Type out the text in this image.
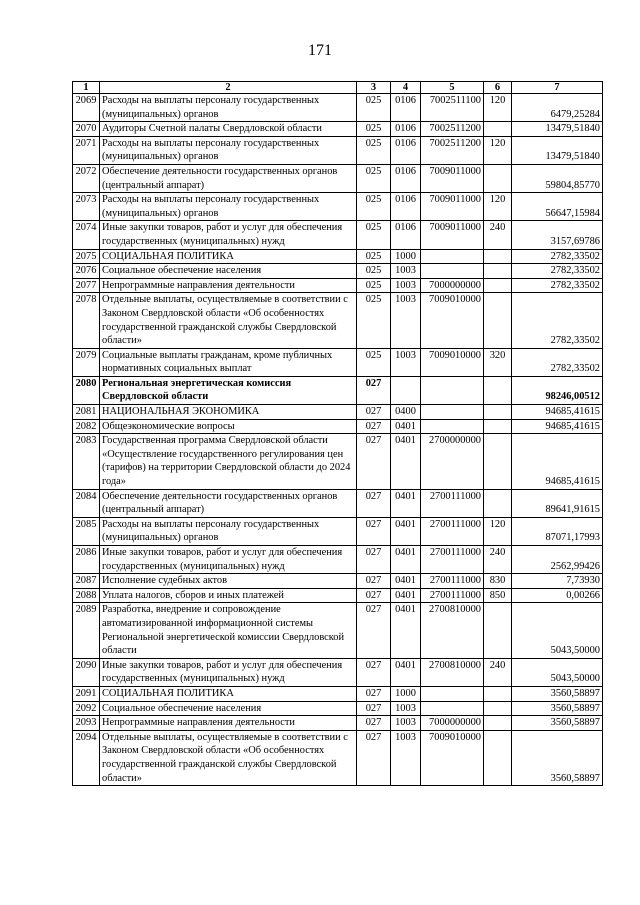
171
1	2	3	4	5	6	7
2069	Расходы на выплаты персоналу государственных (муниципальных) органов	025	0106	7002511100	120	6479,25284
2070	Аудиторы Счетной палаты Свердловской области	025	0106	7002511200		13479,51840
2071	Расходы на выплаты персоналу государственных (муниципальных) органов	025	0106	7002511200	120	13479,51840
2072	Обеспечение деятельности государственных органов (центральный аппарат)	025	0106	7009011000		59804,85770
2073	Расходы на выплаты персоналу государственных (муниципальных) органов	025	0106	7009011000	120	56647,15984
2074	Иные закупки товаров, работ и услуг для обеспечения государственных (муниципальных) нужд	025	0106	7009011000	240	3157,69786
2075	СОЦИАЛЬНАЯ ПОЛИТИКА	025	1000			2782,33502
2076	Социальное обеспечение населения	025	1003			2782,33502
2077	Непрограммные направления деятельности	025	1003	7000000000		2782,33502
2078	Отдельные выплаты, осуществляемые в соответствии с Законом Свердловской области «Об особенностях государственной гражданской службы Свердловской области»	025	1003	7009010000		2782,33502
2079	Социальные выплаты гражданам, кроме публичных нормативных социальных выплат	025	1003	7009010000	320	2782,33502
2080	Региональная энергетическая комиссия Свердловской области	027				98246,00512
2081	НАЦИОНАЛЬНАЯ ЭКОНОМИКА	027	0400			94685,41615
2082	Общеэкономические вопросы	027	0401			94685,41615
2083	Государственная программа Свердловской области «Осуществление государственного регулирования цен (тарифов) на территории Свердловской области до 2024 года»	027	0401	2700000000		94685,41615
2084	Обеспечение деятельности государственных органов (центральный аппарат)	027	0401	2700111000		89641,91615
2085	Расходы на выплаты персоналу государственных (муниципальных) органов	027	0401	2700111000	120	87071,17993
2086	Иные закупки товаров, работ и услуг для обеспечения государственных (муниципальных) нужд	027	0401	2700111000	240	2562,99426
2087	Исполнение судебных актов	027	0401	2700111000	830	7,73930
2088	Уплата налогов, сборов и иных платежей	027	0401	2700111000	850	0,00266
2089	Разработка, внедрение и сопровождение автоматизированной информационной системы Региональной энергетической комиссии Свердловской области	027	0401	2700810000		5043,50000
2090	Иные закупки товаров, работ и услуг для обеспечения государственных (муниципальных) нужд	027	0401	2700810000	240	5043,50000
2091	СОЦИАЛЬНАЯ ПОЛИТИКА	027	1000			3560,58897
2092	Социальное обеспечение населения	027	1003			3560,58897
2093	Непрограммные направления деятельности	027	1003	7000000000		3560,58897
2094	Отдельные выплаты, осуществляемые в соответствии с Законом Свердловской области «Об особенностях государственной гражданской службы Свердловской области»	027	1003	7009010000		3560,58897
